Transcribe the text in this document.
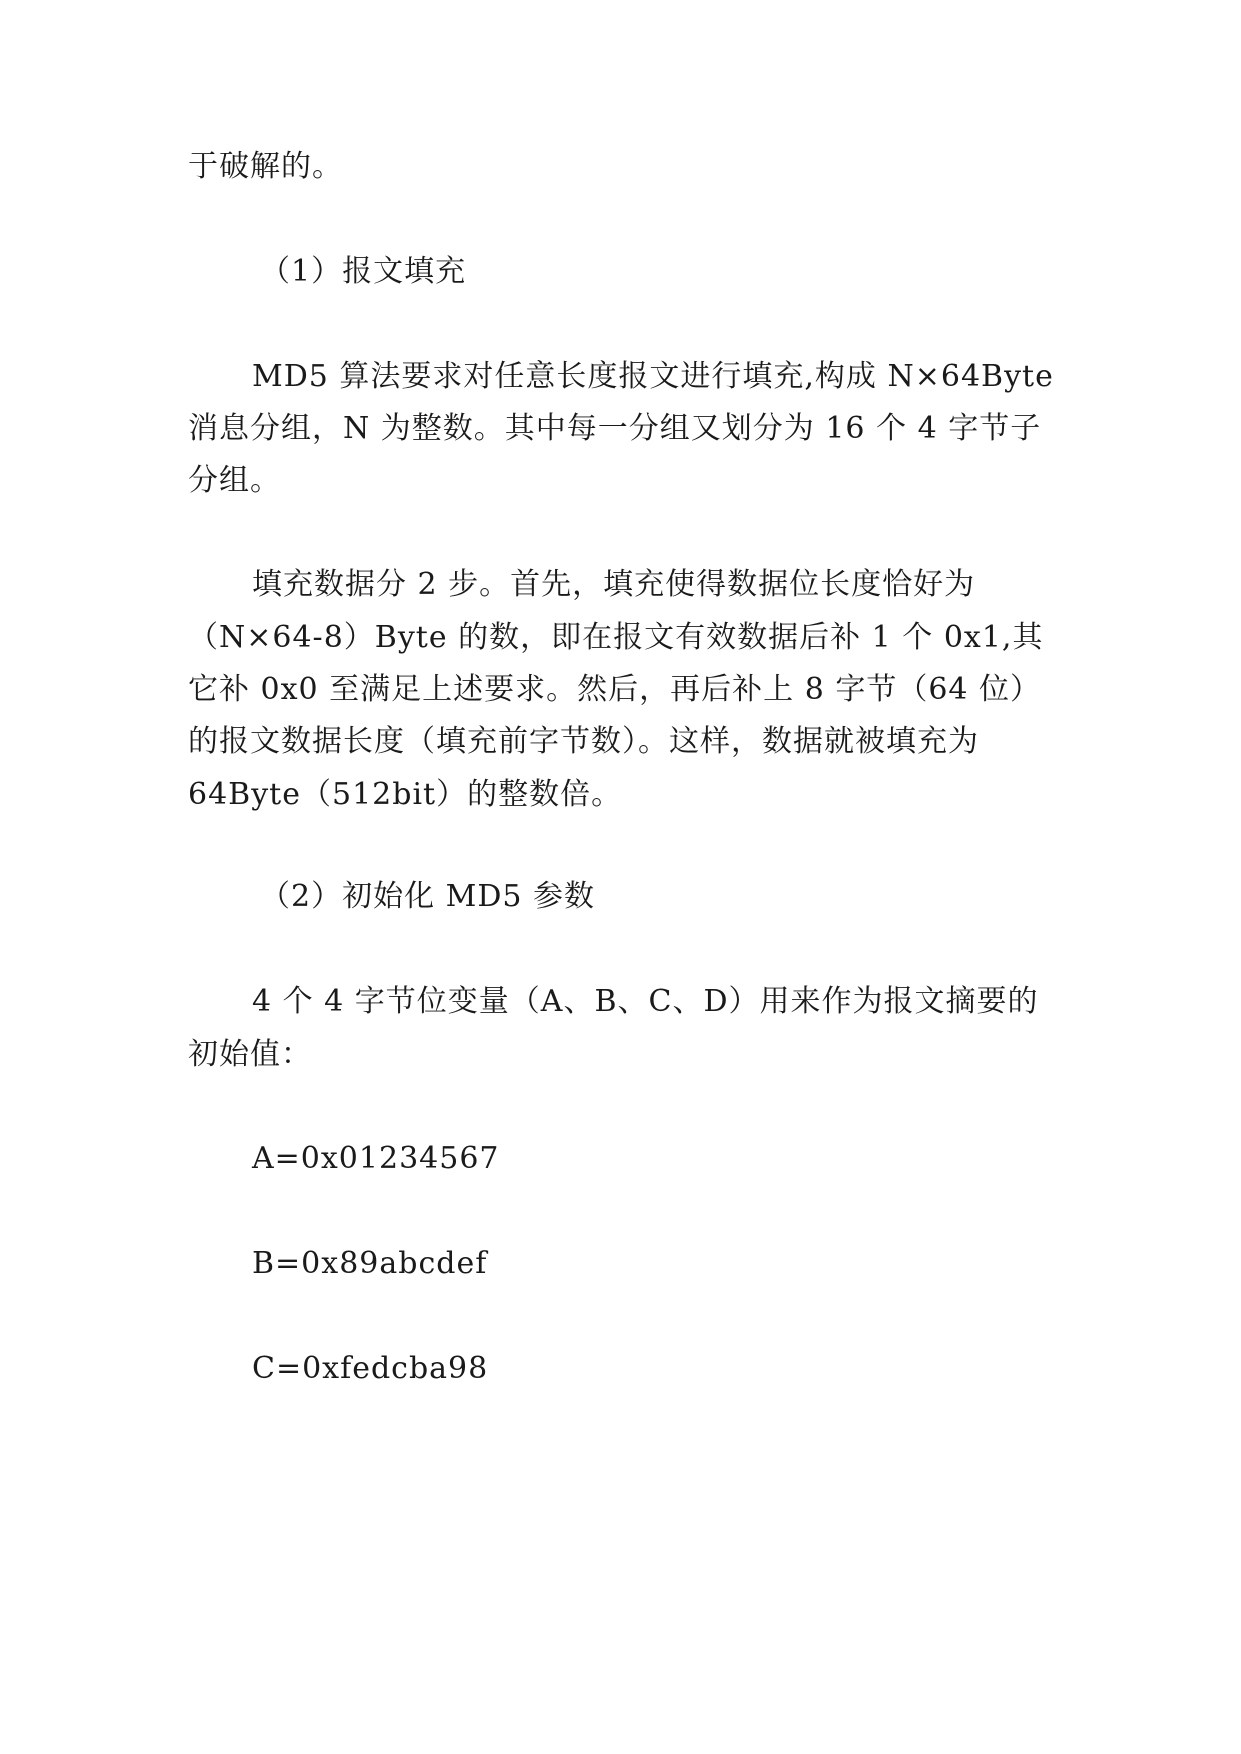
于破解的。
（1）报文填充
MD5 算法要求对任意长度报文进行填充,构成 N×64Byte
消息分组，N 为整数。其中每一分组又划分为 16 个 4 字节子
分组。
填充数据分 2 步。首先，填充使得数据位长度恰好为
（N×64-8）Byte 的数，即在报文有效数据后补 1 个 0x1,其
它补 0x0 至满足上述要求。然后，再后补上 8 字节（64 位）
的报文数据长度（填充前字节数）。这样，数据就被填充为
64Byte（512bit）的整数倍。
（2）初始化 MD5 参数
4 个 4 字节位变量（A、B、C、D）用来作为报文摘要的
初始值：
A=0x01234567
B=0x89abcdef
C=0xfedcba98
